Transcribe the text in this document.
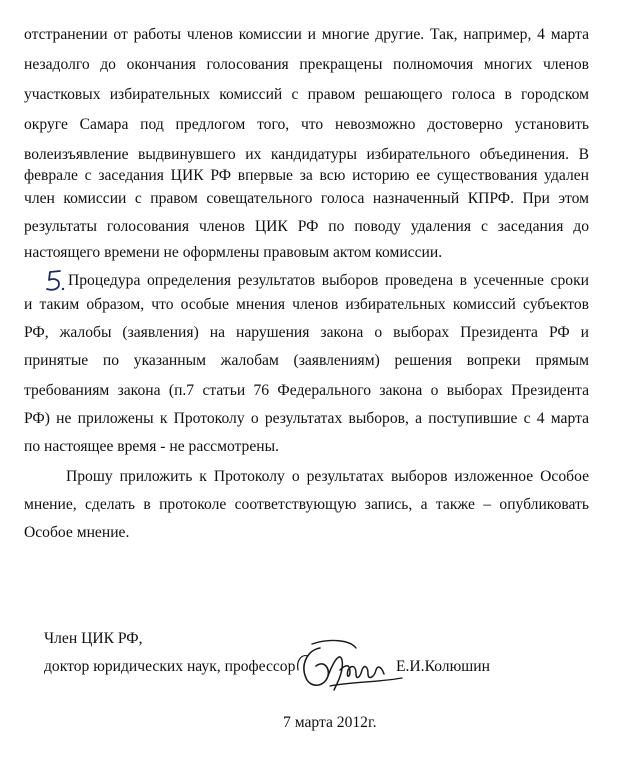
отстранении от работы членов комиссии и многие другие. Так, например, 4 марта
незадолго до окончания голосования прекращены полномочия многих членов
участковых избирательных комиссий с правом решающего голоса в городском
округе Самара под предлогом того, что невозможно достоверно установить
волеизъявление выдвинувшего их кандидатуры избирательного объединения. В
феврале с заседания ЦИК РФ впервые за всю историю ее существования удален
член комиссии с правом совещательного голоса назначенный КПРФ. При этом
результаты голосования членов ЦИК РФ по поводу удаления с заседания до
настоящего времени не оформлены правовым актом комиссии.
Процедура определения результатов выборов проведена в усеченные сроки
и таким образом, что особые мнения членов избирательных комиссий субъектов
РФ, жалобы (заявления) на нарушения закона о выборах Президента РФ и
принятые по указанным жалобам (заявлениям) решения вопреки прямым
требованиям закона (п.7 статьи 76 Федерального закона о выборах Президента
РФ) не приложены к Протоколу о результатах выборов, а поступившие с 4 марта
по настоящее время - не рассмотрены.
Прошу приложить к Протоколу о результатах выборов изложенное Особое
мнение, сделать в протоколе соответствующую запись, а также – опубликовать
Особое мнение.
Член ЦИК РФ,
доктор юридических наук, профессор	Е.И.Колюшин
7 марта 2012г.
